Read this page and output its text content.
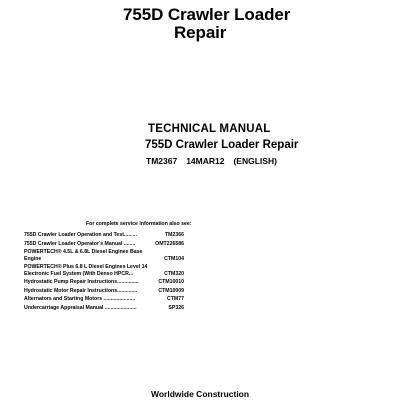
755D Crawler Loader
Repair
TECHNICAL MANUAL
755D Crawler Loader Repair
TM2367 14MAR12 (ENGLISH)
For complete service information also see:
755D Crawler Loader Operation and Test.........	TM2366
755D Crawler Loader Operator's Manual ........	OMT226586
POWERTECH® 4.5L & 6.8L Diesel Engines Base Engine	CTM104
POWERTECH® Plus 6.8 L Diesel Engines Level 14 Electronic Fuel System (With Denso HPCR...	CTM320
Hydrostatic Pump Repair Instructions...............	CTM10010
Hydrostatic Motor Repair Instructions..............	CTM10009
Alternators and Starting Motors ......................	CTM77
Undercarriage Appraisal Manual ......................	SP326
Worldwide Construction
